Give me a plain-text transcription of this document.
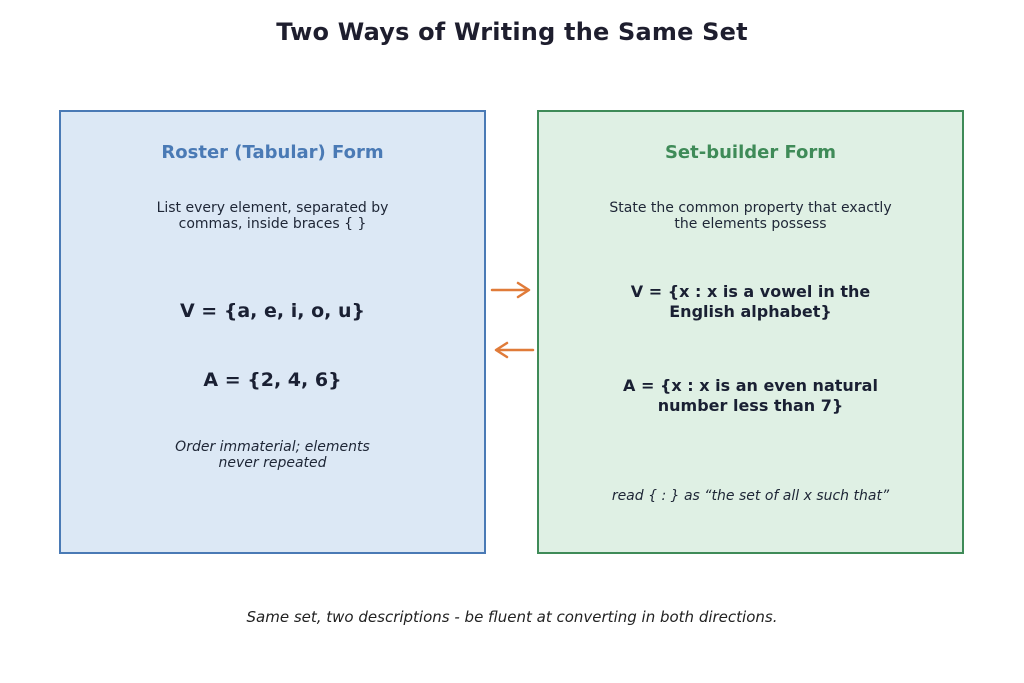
Two Ways of Writing the Same Set
Roster (Tabular) Form
List every element, separated by commas, inside braces { }
V = {a, e, i, o, u}
A = {2, 4, 6}
Order immaterial; elements never repeated
Set-builder Form
State the common property that exactly the elements possess
V = {x : x is a vowel in the English alphabet}
A = {x : x is an even natural number less than 7}
read { : } as “the set of all x such that”
Same set, two descriptions - be fluent at converting in both directions.
